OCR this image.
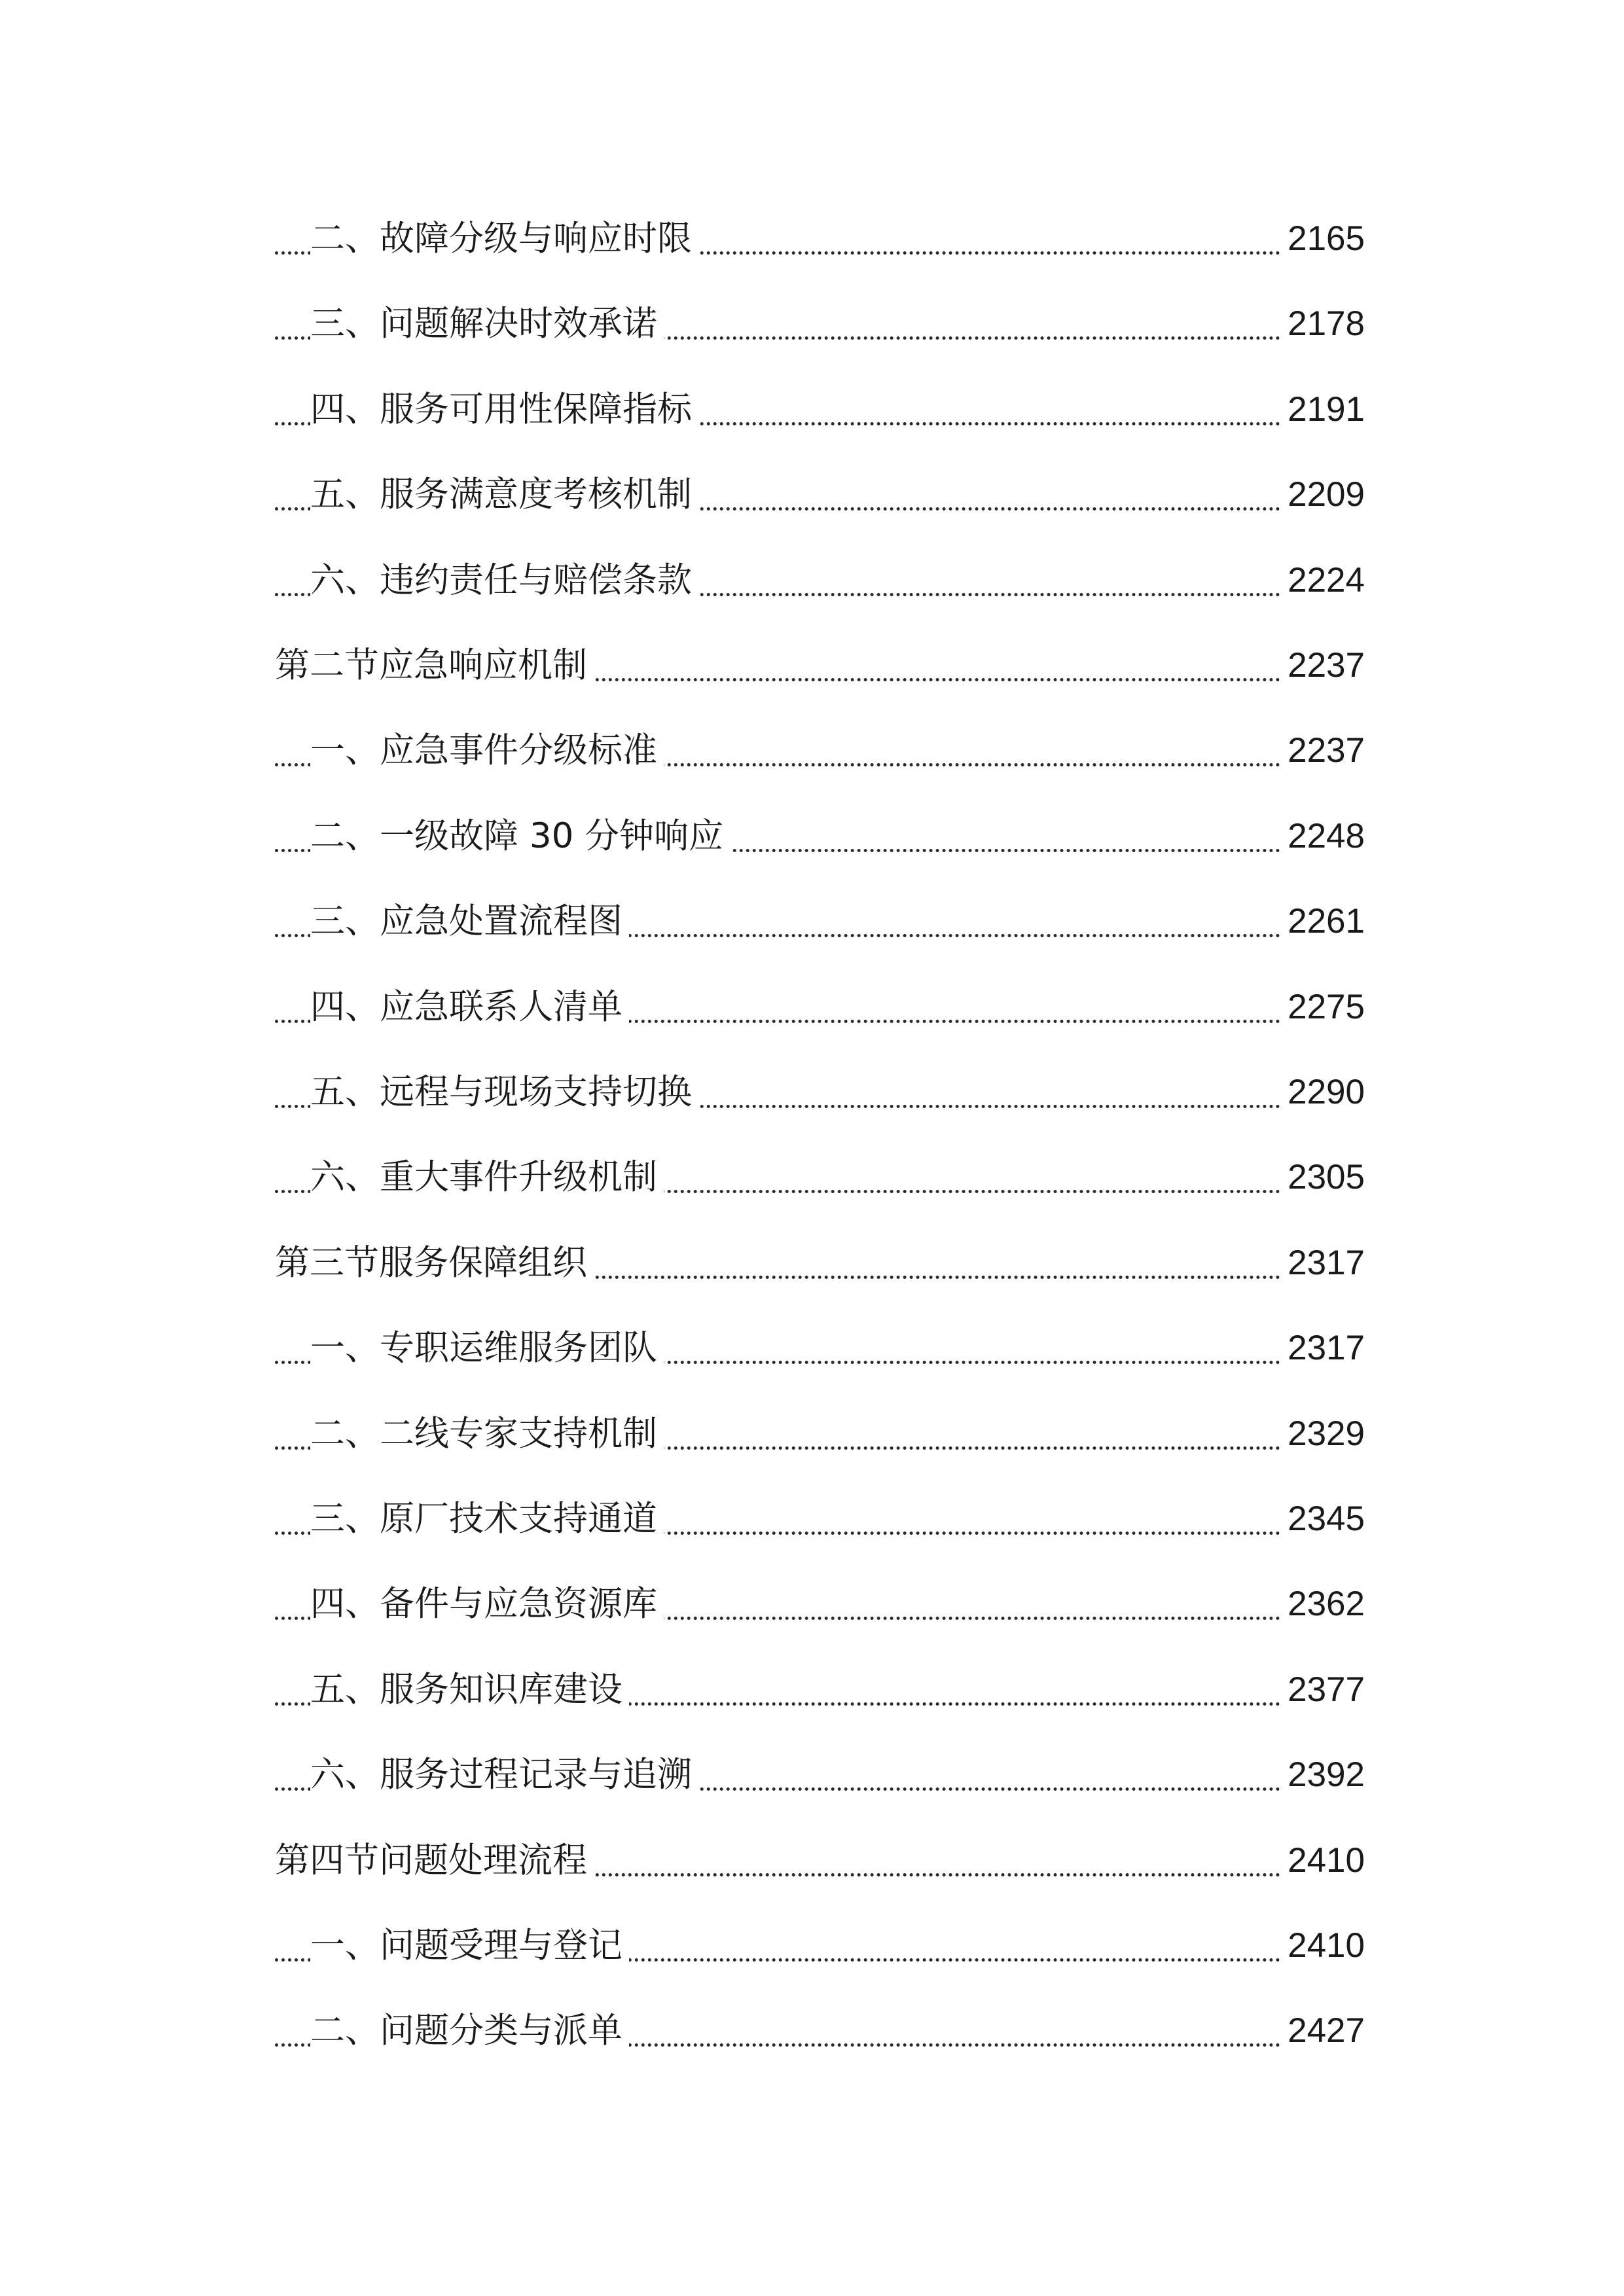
二、故障分级与响应时限	2165
三、问题解决时效承诺	2178
四、服务可用性保障指标	2191
五、服务满意度考核机制	2209
六、违约责任与赔偿条款	2224
第二节应急响应机制	2237
一、应急事件分级标准	2237
二、一级故障 30 分钟响应	2248
三、应急处置流程图	2261
四、应急联系人清单	2275
五、远程与现场支持切换	2290
六、重大事件升级机制	2305
第三节服务保障组织	2317
一、专职运维服务团队	2317
二、二线专家支持机制	2329
三、原厂技术支持通道	2345
四、备件与应急资源库	2362
五、服务知识库建设	2377
六、服务过程记录与追溯	2392
第四节问题处理流程	2410
一、问题受理与登记	2410
二、问题分类与派单	2427
